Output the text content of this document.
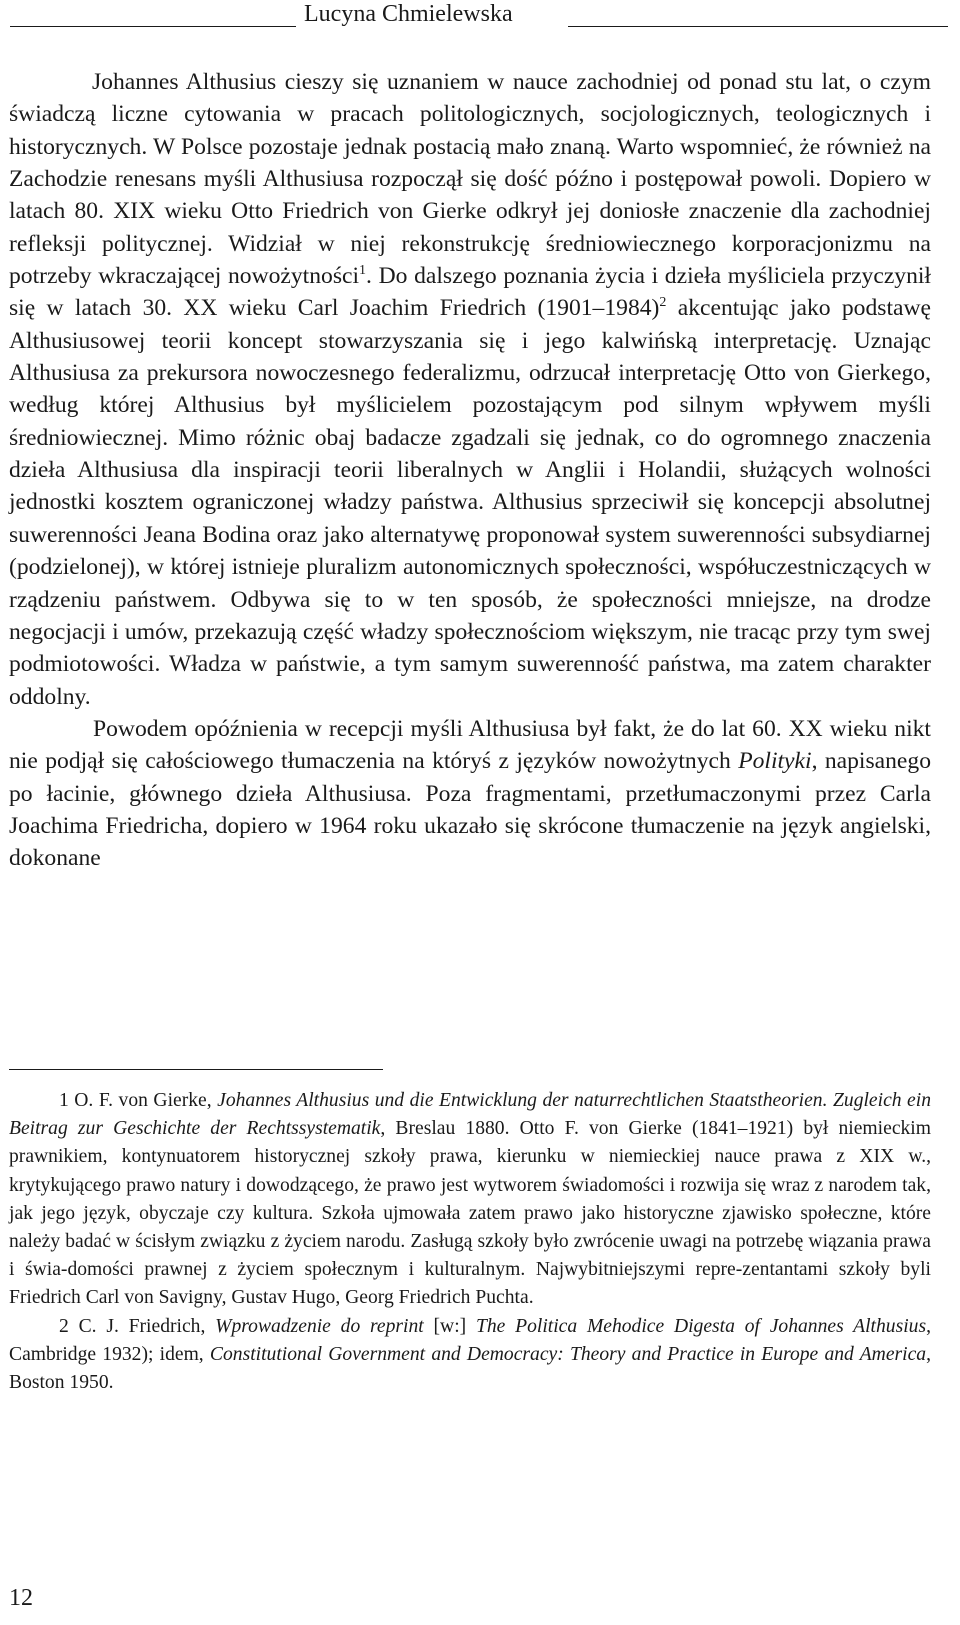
Lucyna Chmielewska

Johannes Althusius cieszy się uznaniem w nauce zachodniej od ponad stu lat, o czym świadczą liczne cytowania w pracach politologicznych, socjologicznych, teologicznych i historycznych. W Polsce pozostaje jednak postacią mało znaną. Warto wspomnieć, że również na Zachodzie renesans myśli Althusiusa rozpoczął się dość późno i postępował powoli. Dopiero w latach 80. XIX wieku Otto Friedrich von Gierke odkrył jej doniosłe znaczenie dla zachodniej refleksji politycznej. Widział w niej rekonstrukcję średniowiecznego korporacjonizmu na potrzeby wkraczającej nowożytności$^1$. Do dalszego poznania życia i dzieła myśliciela przyczynił się w latach 30. XX wieku Carl Joachim Friedrich (1901–1984)$^2$ akcentując jako podstawę Althusiusowej teorii koncept stowarzyszania się i jego kalwińską interpretację. Uznając Althusiusa za prekursora nowoczesnego federalizmu, odrzucał interpretację Otto von Gierkego, według której Althusius był myślicielem pozostającym pod silnym wpływem myśli średniowiecznej. Mimo różnic obaj badacze zgadzali się jednak, co do ogromnego znaczenia dzieła Althusiusa dla inspiracji teorii liberalnych w Anglii i Holandii, służących wolności jednostki kosztem ograniczonej władzy państwa. Althusius sprzeciwił się koncepcji absolutnej suwerenności Jeana Bodina oraz jako alternatywę proponował system suwerenności subsydiarnej (podzielonej), w której istnieje pluralizm autonomicznych społeczności, współuczestniczących w rządzeniu państwem. Odbywa się to w ten sposób, że społeczności mniejsze, na drodze negocjacji i umów, przekazują część władzy społecznościom większym, nie tracąc przy tym swej podmiotowości. Władza w państwie, a tym samym suwerenność państwa, ma zatem charakter oddolny.

Powodem opóźnienia w recepcji myśli Althusiusa był fakt, że do lat 60. XX wieku nikt nie podjął się całościowego tłumaczenia na któryś z języków nowożytnych Polityki, napisanego po łacinie, głównego dzieła Althusiusa. Poza fragmentami, przetłumaczonymi przez Carla Joachima Friedricha, dopiero w 1964 roku ukazało się skrócone tłumaczenie na język angielski, dokonane

1 O. F. von Gierke, Johannes Althusius und die Entwicklung der naturrechtlichen Staatstheorien. Zugleich ein Beitrag zur Geschichte der Rechtssystematik, Breslau 1880. Otto F. von Gierke (1841–1921) był niemieckim prawnikiem, kontynuatorem historycznej szkoły prawa, kierunku w niemieckiej nauce prawa z XIX w., krytykującego prawo natury i dowodzącego, że prawo jest wytworem świadomości i rozwija się wraz z narodem tak, jak jego język, obyczaje czy kultura. Szkoła ujmowała zatem prawo jako historyczne zjawisko społeczne, które należy badać w ścisłym związku z życiem narodu. Zasługą szkoły było zwrócenie uwagi na potrzebę wiązania prawa i świa-domości prawnej z życiem społecznym i kulturalnym. Najwybitniejszymi repre-zentantami szkoły byli Friedrich Carl von Savigny, Gustav Hugo, Georg Friedrich Puchta.

2 C. J. Friedrich, Wprowadzenie do reprint [w:] The Politica Mehodice Digesta of Johannes Althusius, Cambridge 1932); idem, Constitutional Government and Democracy: Theory and Practice in Europe and America, Boston 1950.

12
